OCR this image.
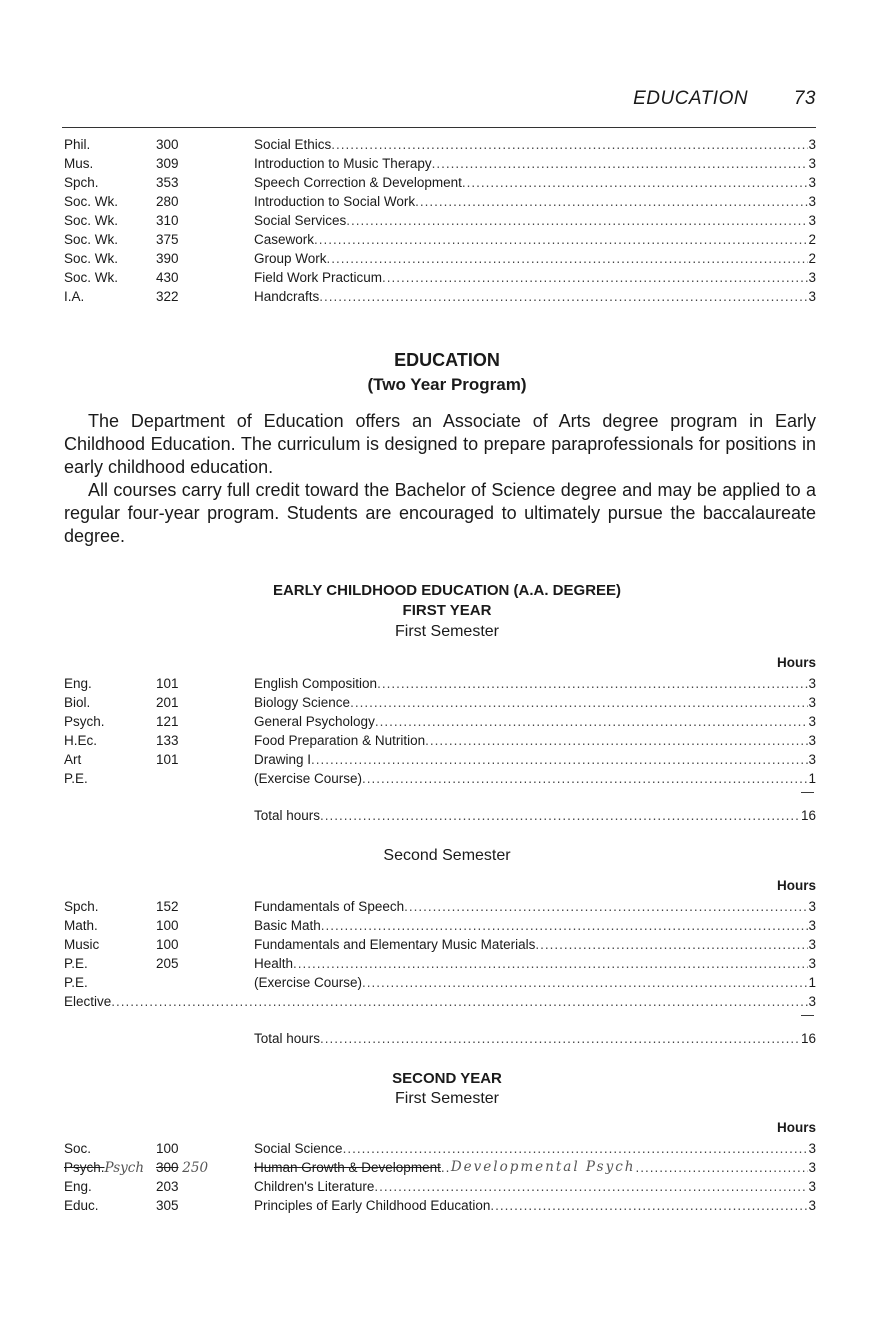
EDUCATION 73
Phil.	300	Social Ethics .....	3
Mus.	309	Introduction to Music Therapy .....	3
Spch.	353	Speech Correction & Development .....	3
Soc. Wk.	280	Introduction to Social Work .....	3
Soc. Wk.	310	Social Services .....	3
Soc. Wk.	375	Casework .....	2
Soc. Wk.	390	Group Work .....	2
Soc. Wk.	430	Field Work Practicum .....	3
I.A.	322	Handcrafts .....	3
EDUCATION
(Two Year Program)

The Department of Education offers an Associate of Arts degree program in Early Childhood Education. The curriculum is designed to prepare paraprofessionals for positions in early childhood education.

All courses carry full credit toward the Bachelor of Science degree and may be applied to a regular four-year program. Students are encouraged to ultimately pursue the baccalaureate degree.

EARLY CHILDHOOD EDUCATION (A.A. DEGREE)
FIRST YEAR
First Semester
Hours
Eng.	101	English Composition .....	3
Biol.	201	Biology Science .....	3
Psych.	121	General Psychology .....	3
H.Ec.	133	Food Preparation & Nutrition .....	3
Art	101	Drawing I .....	3
P.E.	(Exercise Course) .....	1
—
Total hours .....	16
Second Semester
Hours
Spch.	152	Fundamentals of Speech .....	3
Math.	100	Basic Math .....	3
Music	100	Fundamentals and Elementary Music Materials .....	3
P.E.	205	Health .....	3
P.E.	(Exercise Course) .....	1
Elective .....	3
—
Total hours .....	16
SECOND YEAR
First Semester
Hours
Soc.	100	Social Science .....	3
Psych.Psych 300 250	Human Growth & Development ..... Developmental Psych .....	3
Eng.	203	Children's Literature .....	3
Educ.	305	Principles of Early Childhood Education .....	3
